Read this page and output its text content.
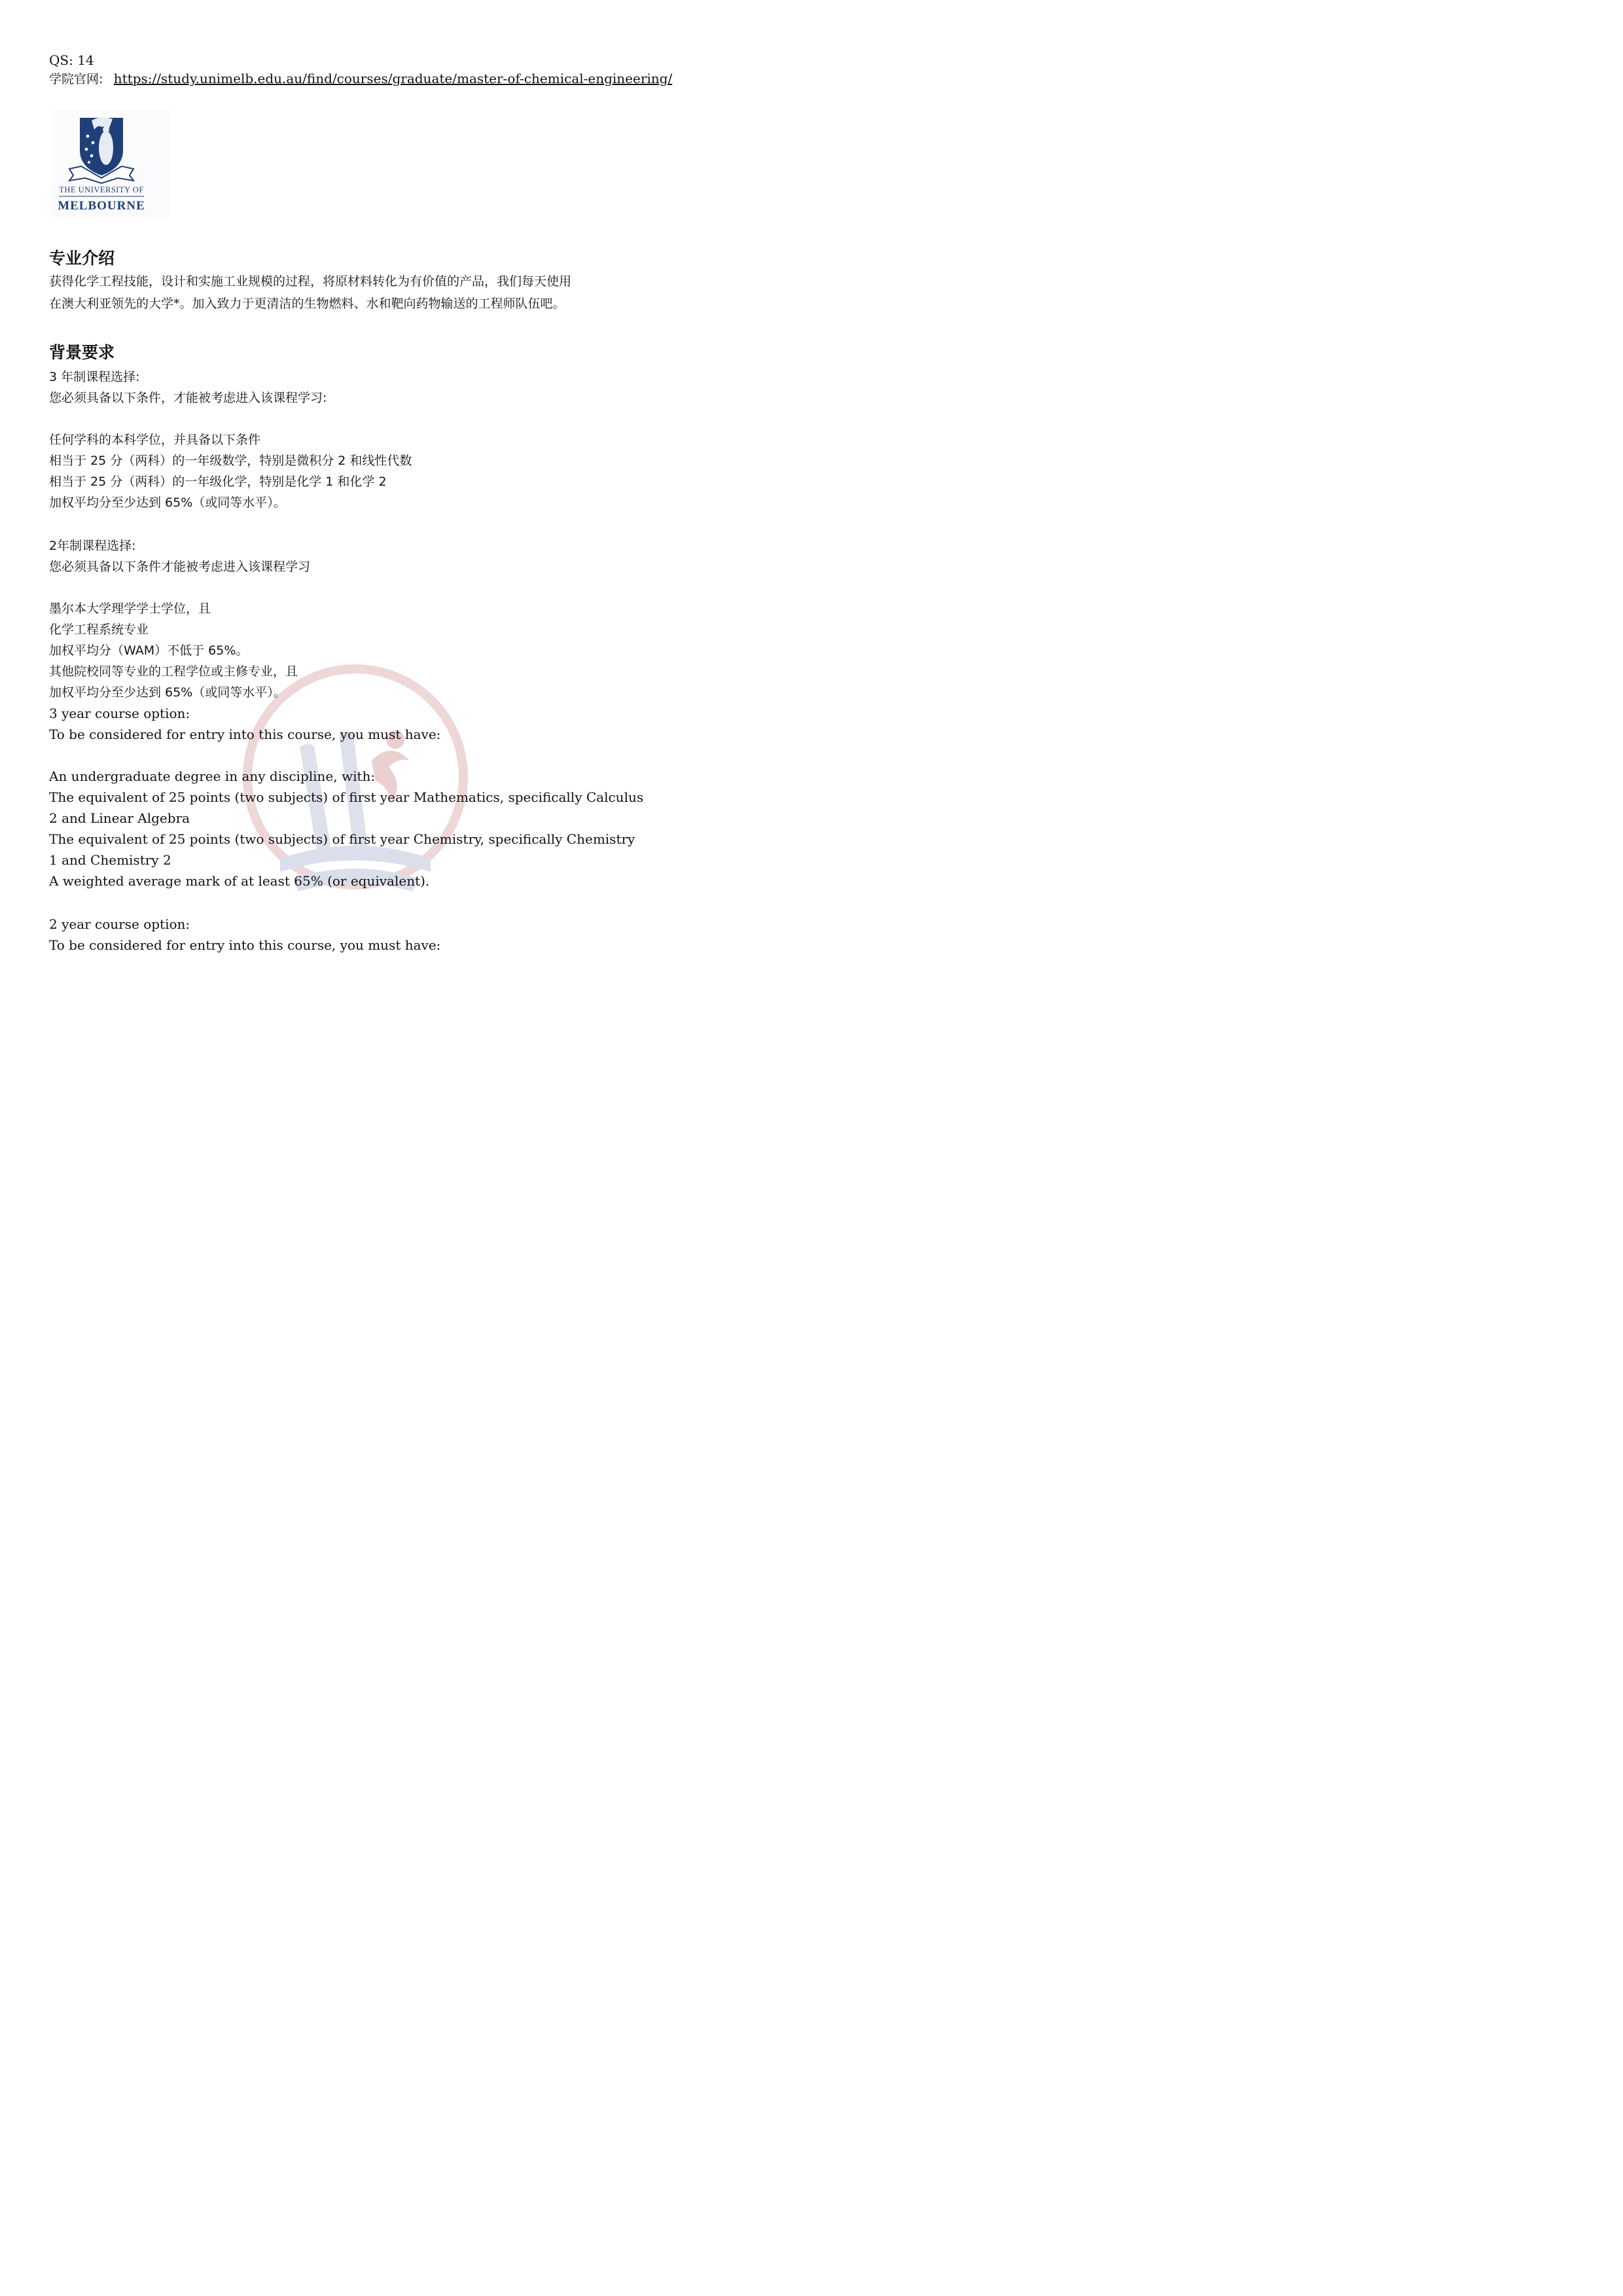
QS: 14
学院官网: https://study.unimelb.edu.au/find/courses/graduate/master-of-chemical-engineering/
THE UNIVERSITY OF
MELBOURNE
专业介绍
获得化学工程技能，设计和实施工业规模的过程，将原材料转化为有价值的产品，我们每天使用
在澳大利亚领先的大学*。加入致力于更清洁的生物燃料、水和靶向药物输送的工程师队伍吧。
背景要求
3 年制课程选择:
您必须具备以下条件，才能被考虑进入该课程学习:
任何学科的本科学位，并具备以下条件
相当于 25 分（两科）的一年级数学，特别是微积分 2 和线性代数
相当于 25 分（两科）的一年级化学，特别是化学 1 和化学 2
加权平均分至少达到 65%（或同等水平）。
2年制课程选择:
您必须具备以下条件才能被考虑进入该课程学习
墨尔本大学理学学士学位，且
化学工程系统专业
加权平均分（WAM）不低于 65%。
其他院校同等专业的工程学位或主修专业，且
加权平均分至少达到 65%（或同等水平）。
3 year course option:
To be considered for entry into this course, you must have:
An undergraduate degree in any discipline, with:
The equivalent of 25 points (two subjects) of first year Mathematics, specifically Calculus
2 and Linear Algebra
The equivalent of 25 points (two subjects) of first year Chemistry, specifically Chemistry
1 and Chemistry 2
A weighted average mark of at least 65% (or equivalent).
2 year course option:
To be considered for entry into this course, you must have:
